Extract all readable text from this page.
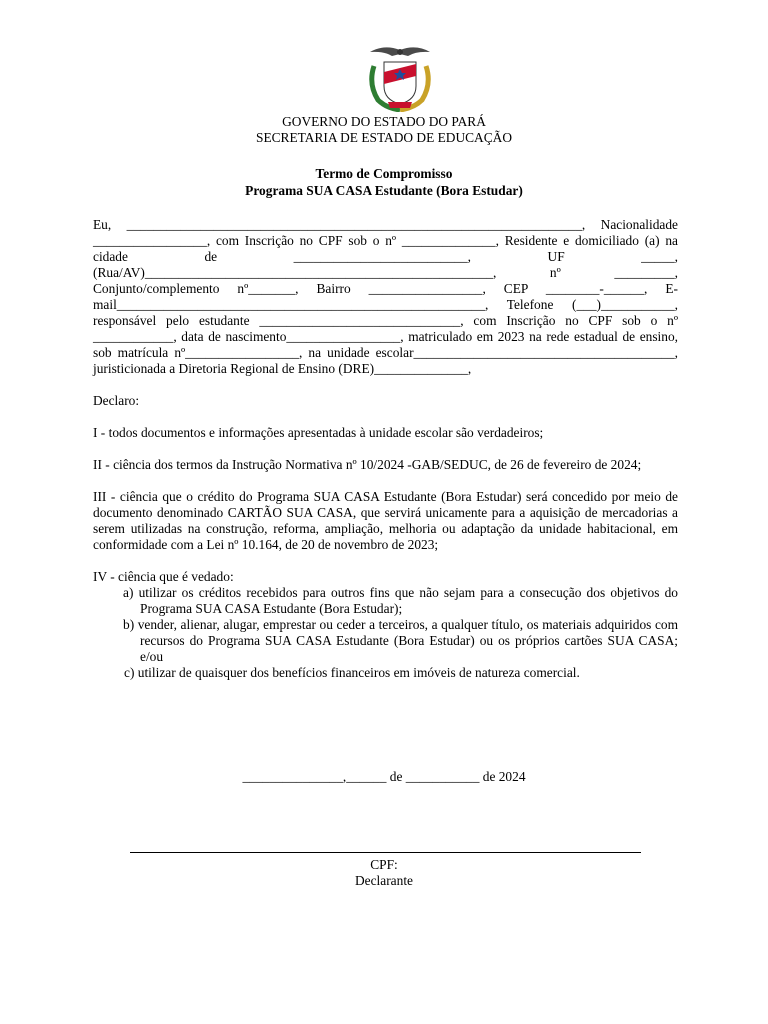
GOVERNO DO ESTADO DO PARÁ
SECRETARIA DE ESTADO DE EDUCAÇÃO
Termo de Compromisso
Programa SUA CASA Estudante (Bora Estudar)

Eu, ____________________________________________________________________, Nacionalidade _________________, com Inscrição no CPF sob o nº ______________, Residente e domiciliado (a) na cidade de __________________________, UF _____, (Rua/AV)____________________________________________________, nº _________, Conjunto/complemento nº_______, Bairro _________________, CEP ________-______, E-mail_______________________________________________________, Telefone (___)___________, responsável pelo estudante ______________________________, com Inscrição no CPF sob o nº ____________, data de nascimento_________________, matriculado em 2023 na rede estadual de ensino, sob matrícula nº_________________, na unidade escolar_______________________________________, juristicionada a Diretoria Regional de Ensino (DRE)______________,

Declaro:

I - todos documentos e informações apresentadas à unidade escolar são verdadeiros;

II - ciência dos termos da Instrução Normativa nº 10/2024 -GAB/SEDUC, de 26 de fevereiro de 2024;

III - ciência que o crédito do Programa SUA CASA Estudante (Bora Estudar) será concedido por meio de documento denominado CARTÃO SUA CASA, que servirá unicamente para a aquisição de mercadorias a serem utilizadas na construção, reforma, ampliação, melhoria ou adaptação da unidade habitacional, em conformidade com a Lei nº 10.164, de 20 de novembro de 2023;

IV - ciência que é vedado:

a) utilizar os créditos recebidos para outros fins que não sejam para a consecução dos objetivos do Programa SUA CASA Estudante (Bora Estudar);

b) vender, alienar, alugar, emprestar ou ceder a terceiros, a qualquer título, os materiais adquiridos com recursos do Programa SUA CASA Estudante (Bora Estudar) ou os próprios cartões SUA CASA; e/ou

c) utilizar de quaisquer dos benefícios financeiros em imóveis de natureza comercial.

_______________,______ de ___________ de 2024
CPF:
Declarante
